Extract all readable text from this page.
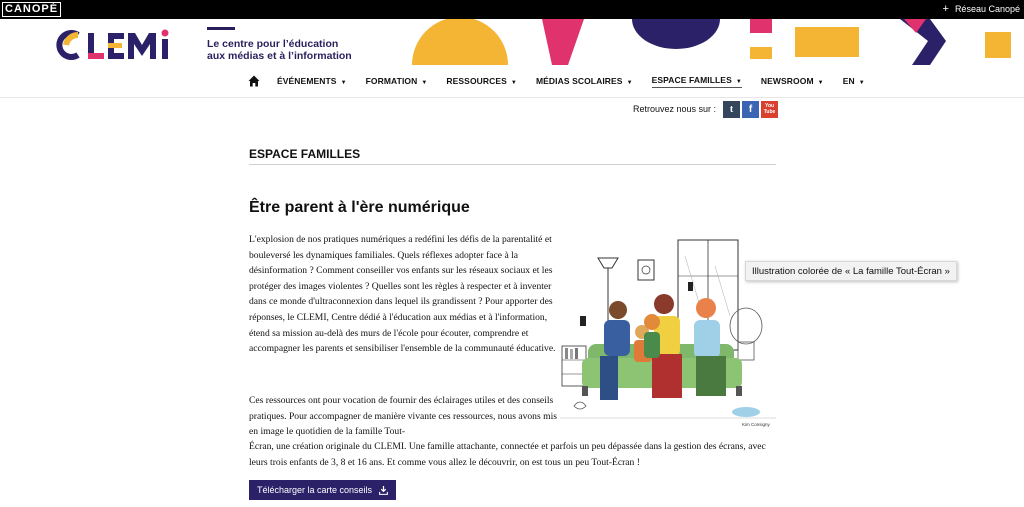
CANOPÉ	+ Réseau Canopé
Le centre pour l’éducation
aux médias et à l’information
ÉVÉNEMENTS ▼ FORMATION ▼ RESSOURCES ▼ MÉDIAS SCOLAIRES ▼ ESPACE FAMILLES ▼ NEWSROOM ▼ EN ▼
Retrouvez nous sur :	t	f	You Tube
ESPACE FAMILLES
Être parent à l'ère numérique

L'explosion de nos pratiques numériques a redéfini les défis de la parentalité et bouleversé les dynamiques familiales. Quels réflexes adopter face à la désinformation ? Comment conseiller vos enfants sur les réseaux sociaux et les protéger des images violentes ? Quelles sont les règles à respecter et à inventer dans ce monde d'ultraconnexion dans lequel ils grandissent ? Pour apporter des réponses, le CLEMI, Centre dédié à l'éducation aux médias et à l'information, étend sa mission au-delà des murs de l'école pour écouter, comprendre et accompagner les parents et sensibiliser l'ensemble de la communauté éducative.

Ces ressources ont pour vocation de fournir des éclairages utiles et des conseils pratiques. Pour accompagner de manière vivante ces ressources, nous avons mis en image le quotidien de la famille Tout-

Écran, une création originale du CLEMI. Une famille attachante, connectée et parfois un peu dépassée dans la gestion des écrans, avec leurs trois enfants de 3, 8 et 16 ans. Et comme vous allez le découvrir, on est tous un peu Tout-Écran !

Kim Consigny
Illustration colorée de « La famille Tout-Écran »
Télécharger la carte conseils
